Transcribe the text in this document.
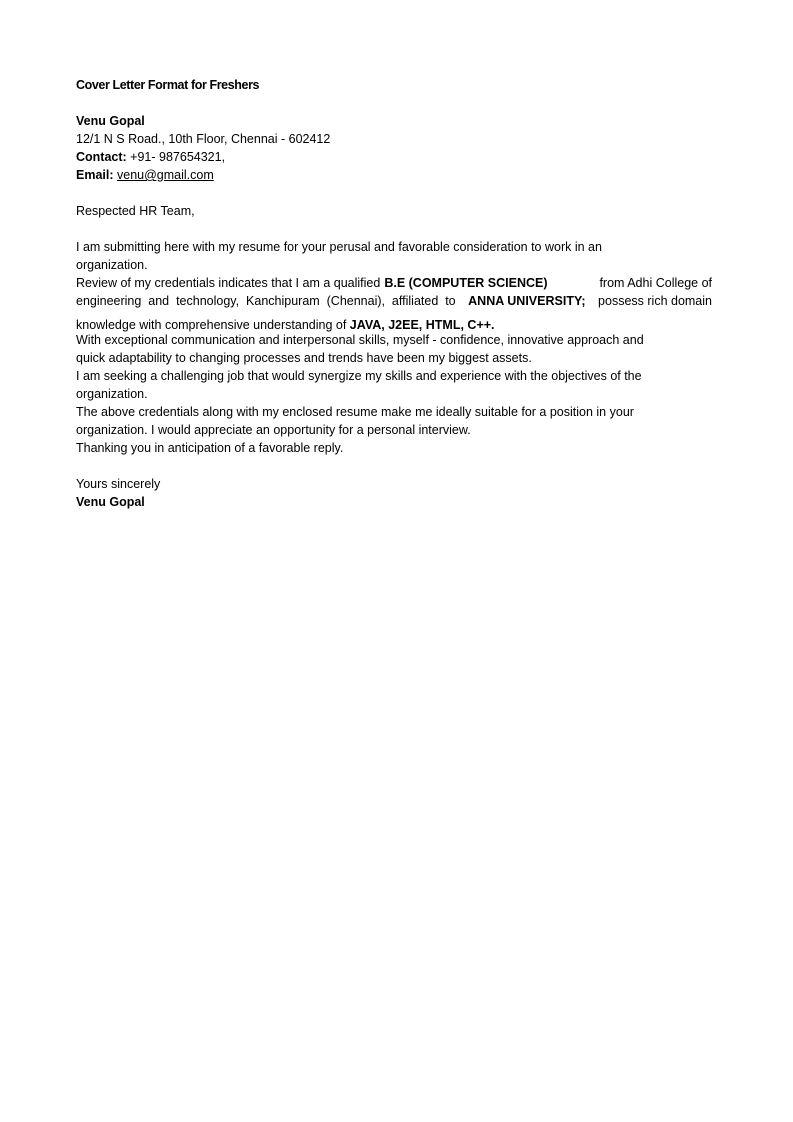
Cover Letter Format for Freshers
Venu Gopal
12/1 N S Road., 10th Floor, Chennai - 602412
Contact: +91- 987654321,
Email: venu@gmail.com
Respected HR Team,
I am submitting here with my resume for your perusal and favorable consideration to work in an
organization.
Review of my credentials indicates that I am a qualified B.E (COMPUTER SCIENCE)	from Adhi College of
engineering  and  technology,  Kanchipuram  (Chennai),  affiliated  to ANNA UNIVERSITY; possess rich domain
knowledge with comprehensive understanding of JAVA, J2EE, HTML, C++.
With exceptional communication and interpersonal skills, myself - confidence, innovative approach and
quick adaptability to changing processes and trends have been my biggest assets.
I am seeking a challenging job that would synergize my skills and experience with the objectives of the
organization.
The above credentials along with my enclosed resume make me ideally suitable for a position in your
organization. I would appreciate an opportunity for a personal interview.
Thanking you in anticipation of a favorable reply.
Yours sincerely
Venu Gopal
